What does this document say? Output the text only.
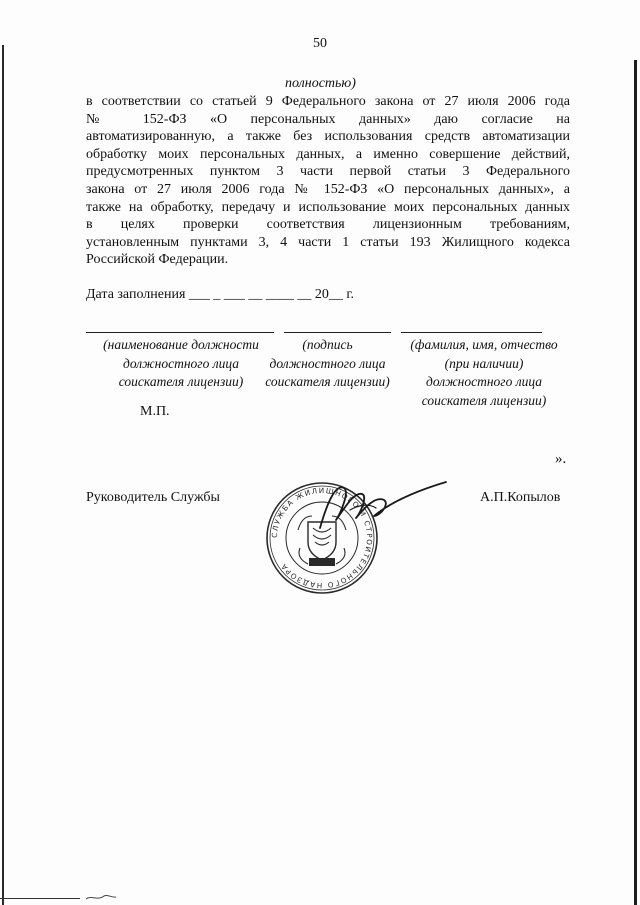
50
полностью)
в соответствии со статьей 9 Федерального закона от 27 июля 2006 года
№ 152-ФЗ «О персональных данных» даю согласие на
автоматизированную, а также без использования средств автоматизации
обработку моих персональных данных, а именно совершение действий,
предусмотренных пунктом 3 части первой статьи 3 Федерального
закона от 27 июля 2006 года № 152-ФЗ «О персональных данных», а
также на обработку, передачу и использование моих персональных данных
в целях проверки соответствия лицензионным требованиям,
установленным пунктами 3, 4 части 1 статьи 193 Жилищного кодекса
Российской Федерации.
Дата заполнения ___ _ ___ __ ____ __ 20__ г.
(наименование должности
должностного лица
соискателя лицензии)
(подпись
должностного лица
соискателя лицензии)
(фамилия, имя, отчество
(при наличии)
должностного лица
соискателя лицензии)
М.П.
».
Руководитель Службы
СЛУЖБА ЖИЛИЩНОГО И СТРОИТЕЛЬНОГО НАДЗОРА
А.П.Копылов
